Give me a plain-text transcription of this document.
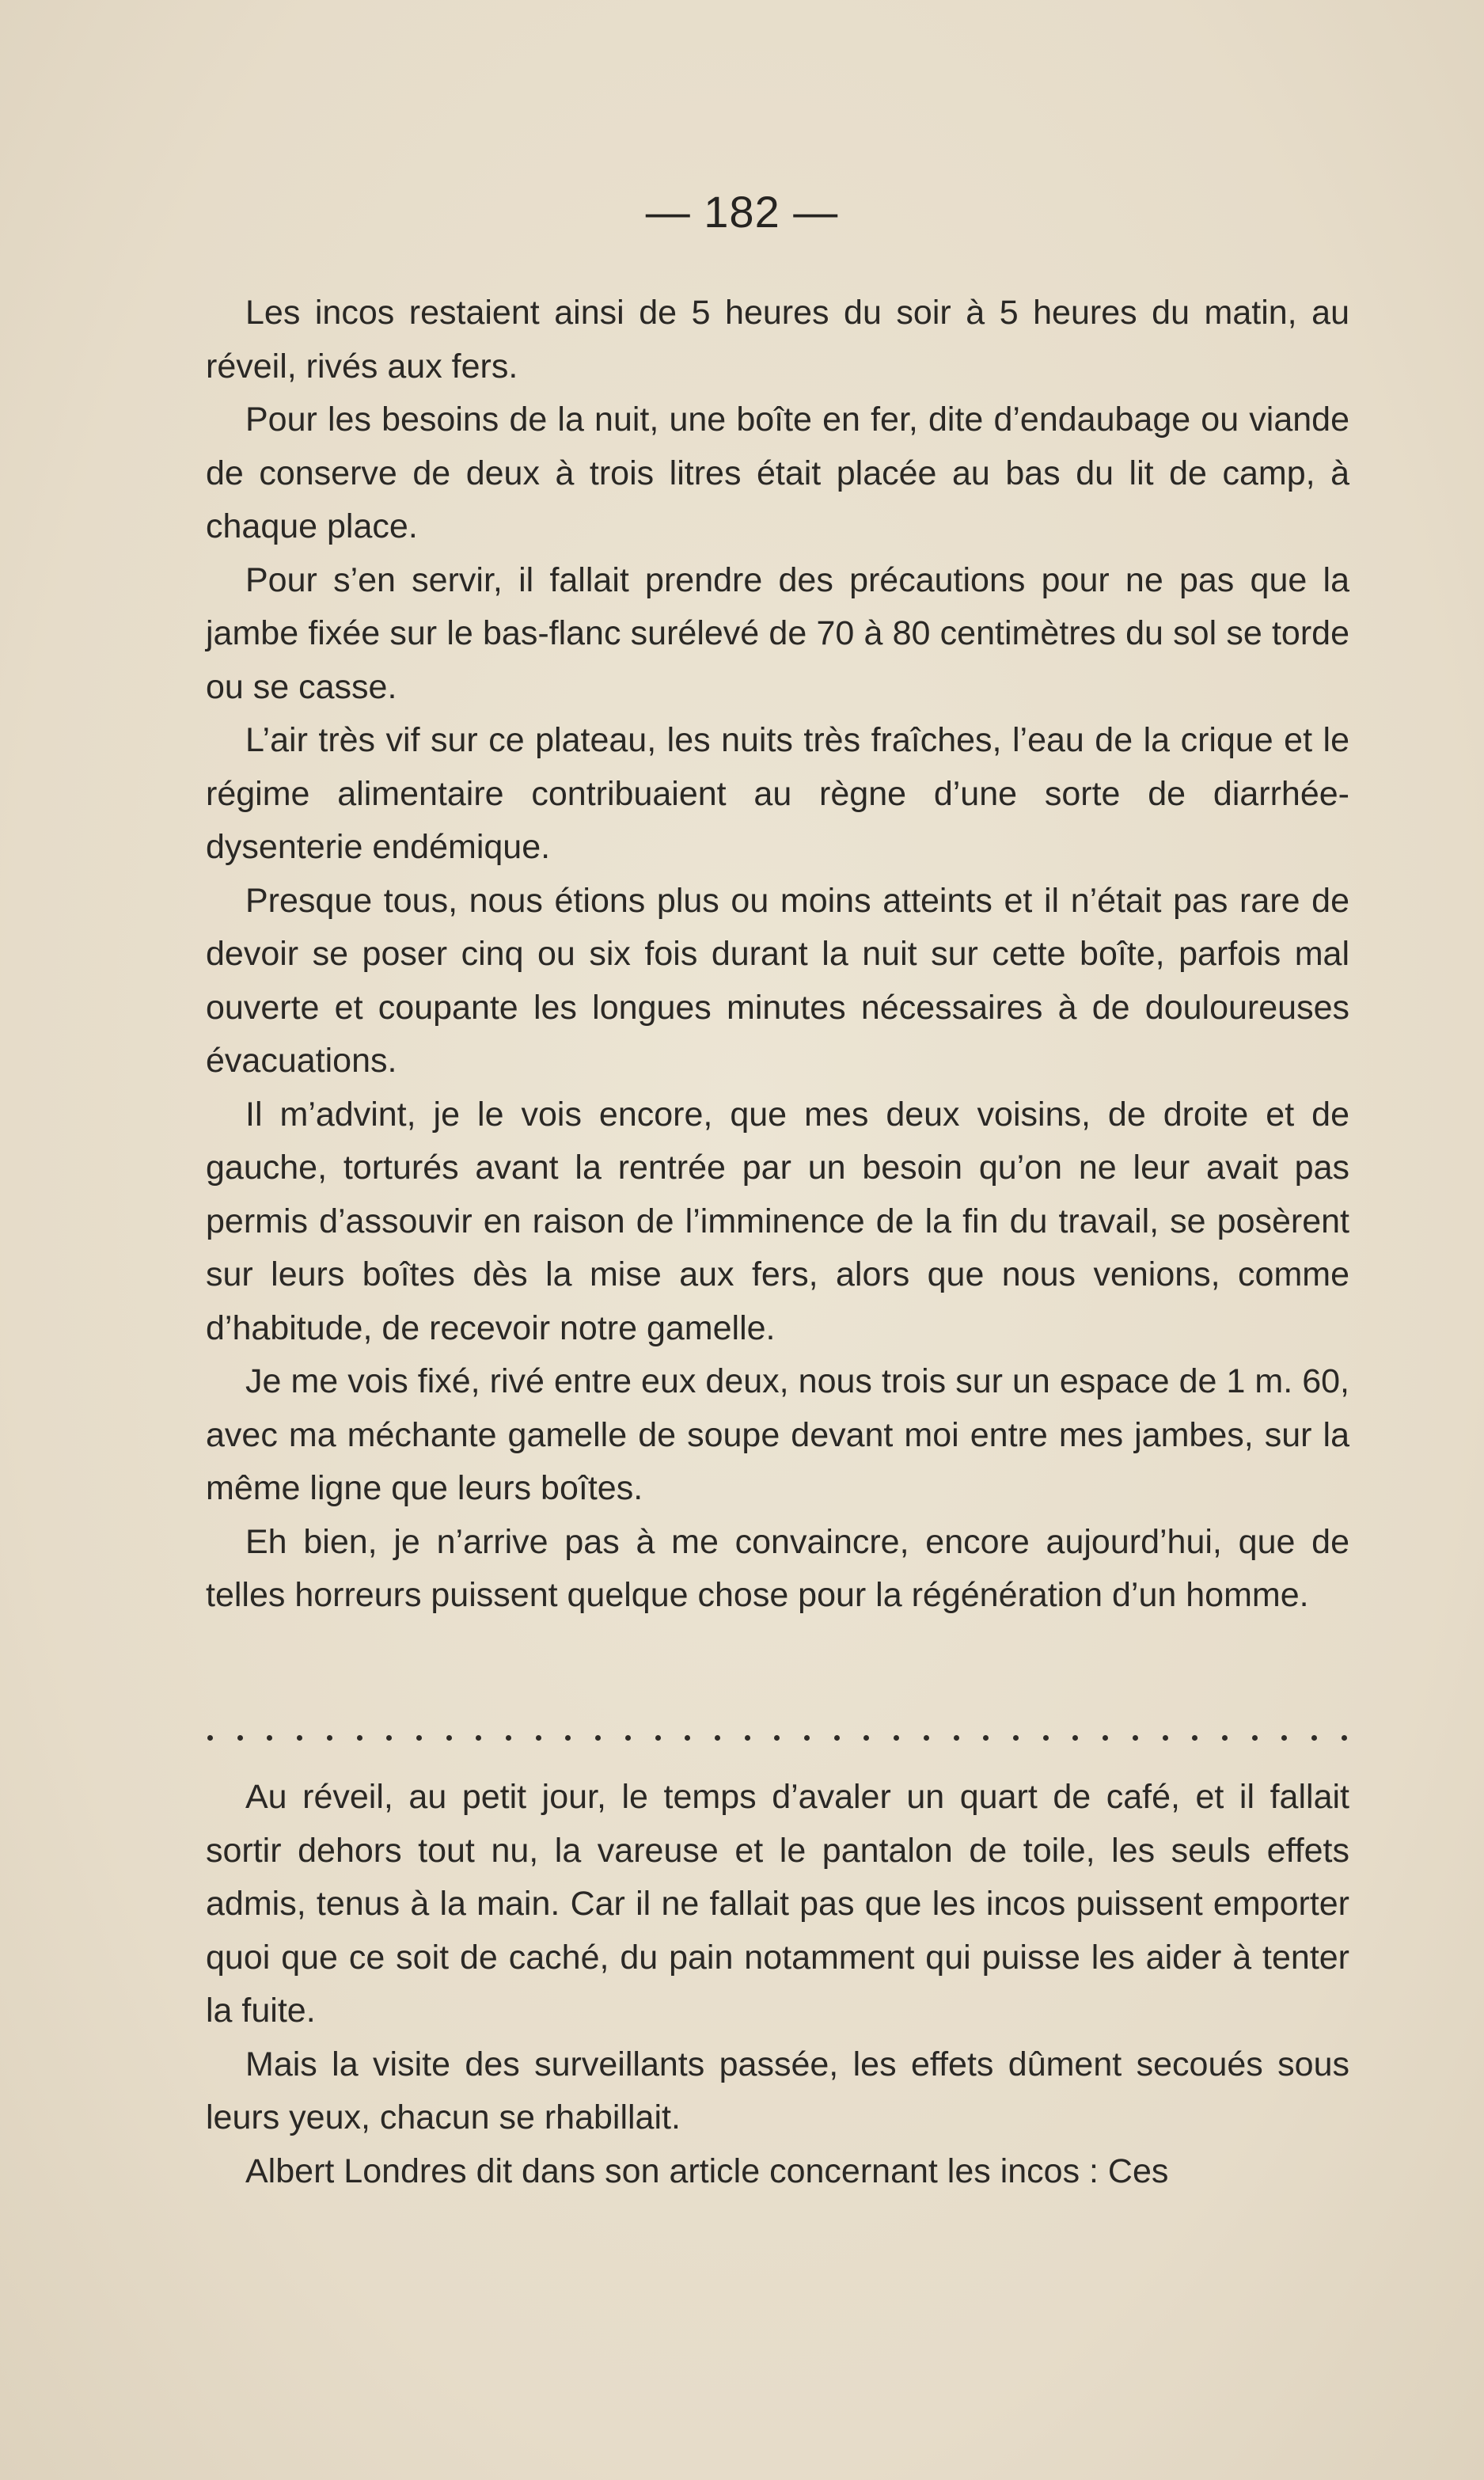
— 182 —

Les incos restaient ainsi de 5 heures du soir à 5 heures du matin, au réveil, rivés aux fers.

Pour les besoins de la nuit, une boîte en fer, dite d’endaubage ou viande de conserve de deux à trois litres était placée au bas du lit de camp, à chaque place.

Pour s’en servir, il fallait prendre des précautions pour ne pas que la jambe fixée sur le bas-flanc surélevé de 70 à 80 centimètres du sol se torde ou se casse.

L’air très vif sur ce plateau, les nuits très fraîches, l’eau de la crique et le régime alimentaire contribuaient au règne d’une sorte de diarrhée-dysenterie endémique.

Presque tous, nous étions plus ou moins atteints et il n’était pas rare de devoir se poser cinq ou six fois durant la nuit sur cette boîte, parfois mal ouverte et coupante les longues minutes nécessaires à de douloureuses évacuations.

Il m’advint, je le vois encore, que mes deux voisins, de droite et de gauche, torturés avant la rentrée par un besoin qu’on ne leur avait pas permis d’assouvir en raison de l’imminence de la fin du travail, se posèrent sur leurs boîtes dès la mise aux fers, alors que nous venions, comme d’habitude, de recevoir notre gamelle.

Je me vois fixé, rivé entre eux deux, nous trois sur un espace de 1 m. 60, avec ma méchante gamelle de soupe devant moi entre mes jambes, sur la même ligne que leurs boîtes.

Eh bien, je n’arrive pas à me convaincre, encore aujourd’hui, que de telles horreurs puissent quelque chose pour la régénération d’un homme.

Au réveil, au petit jour, le temps d’avaler un quart de café, et il fallait sortir dehors tout nu, la vareuse et le pantalon de toile, les seuls effets admis, tenus à la main. Car il ne fallait pas que les incos puissent emporter quoi que ce soit de caché, du pain notamment qui puisse les aider à tenter la fuite.

Mais la visite des surveillants passée, les effets dûment secoués sous leurs yeux, chacun se rhabillait.

Albert Londres dit dans son article concernant les incos : Ces
